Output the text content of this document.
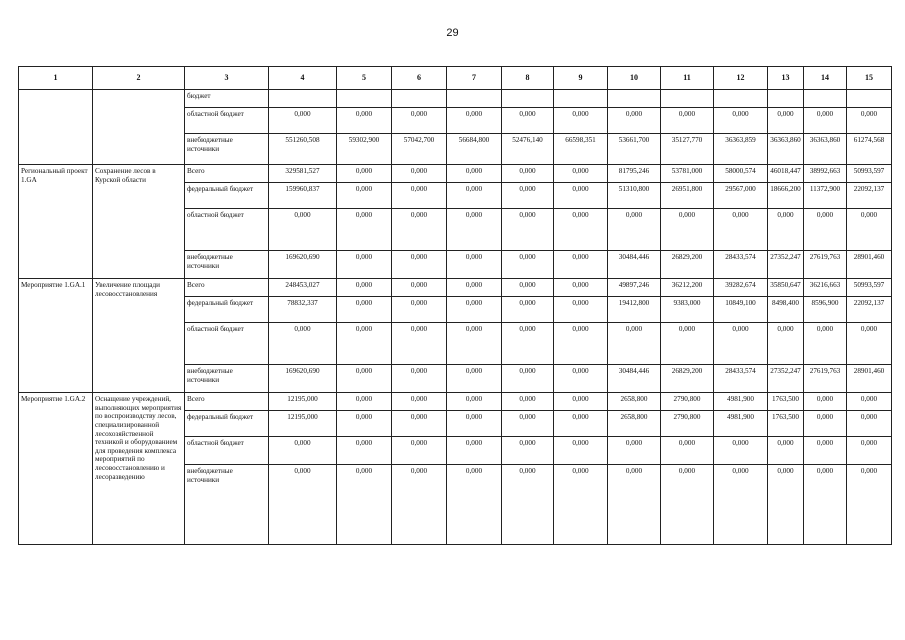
29
1	2	3	4	5	6	7	8	9	10	11	12	13	14	15
		бюджет												
		областной бюджет	0,000	0,000	0,000	0,000	0,000	0,000	0,000	0,000	0,000	0,000	0,000	0,000
		внебюджетные источники	551260,508	59302,900	57042,700	56684,800	52476,140	66598,351	53661,700	35127,770	36363,859	36363,860	36363,860	61274,568
Региональный проект 1.GA	Сохранение лесов в Курской области	Всего	329581,527	0,000	0,000	0,000	0,000	0,000	81795,246	53781,000	58000,574	46018,447	38992,663	50993,597
		федеральный бюджет	159960,837	0,000	0,000	0,000	0,000	0,000	51310,800	26951,800	29567,000	18666,200	11372,900	22092,137
		областной бюджет	0,000	0,000	0,000	0,000	0,000	0,000	0,000	0,000	0,000	0,000	0,000	0,000
		внебюджетные источники	169620,690	0,000	0,000	0,000	0,000	0,000	30484,446	26829,200	28433,574	27352,247	27619,763	28901,460
Мероприятие 1.GA.1	Увеличение площади лесовосстановления	Всего	248453,027	0,000	0,000	0,000	0,000	0,000	49897,246	36212,200	39282,674	35850,647	36216,663	50993,597
		федеральный бюджет	78832,337	0,000	0,000	0,000	0,000	0,000	19412,800	9383,000	10849,100	8498,400	8596,900	22092,137
		областной бюджет	0,000	0,000	0,000	0,000	0,000	0,000	0,000	0,000	0,000	0,000	0,000	0,000
		внебюджетные источники	169620,690	0,000	0,000	0,000	0,000	0,000	30484,446	26829,200	28433,574	27352,247	27619,763	28901,460
Мероприятие 1.GA.2	Оснащение учреждений, выполняющих мероприятия по воспроизводству лесов, специализированной лесохозяйственной техникой и оборудованием для проведения комплекса мероприятий по лесовосстановлению и лесоразведению	Всего	12195,000	0,000	0,000	0,000	0,000	0,000	2658,800	2790,800	4981,900	1763,500	0,000	0,000
		федеральный бюджет	12195,000	0,000	0,000	0,000	0,000	0,000	2658,800	2790,800	4981,900	1763,500	0,000	0,000
		областной бюджет	0,000	0,000	0,000	0,000	0,000	0,000	0,000	0,000	0,000	0,000	0,000	0,000
		внебюджетные источники	0,000	0,000	0,000	0,000	0,000	0,000	0,000	0,000	0,000	0,000	0,000	0,000
